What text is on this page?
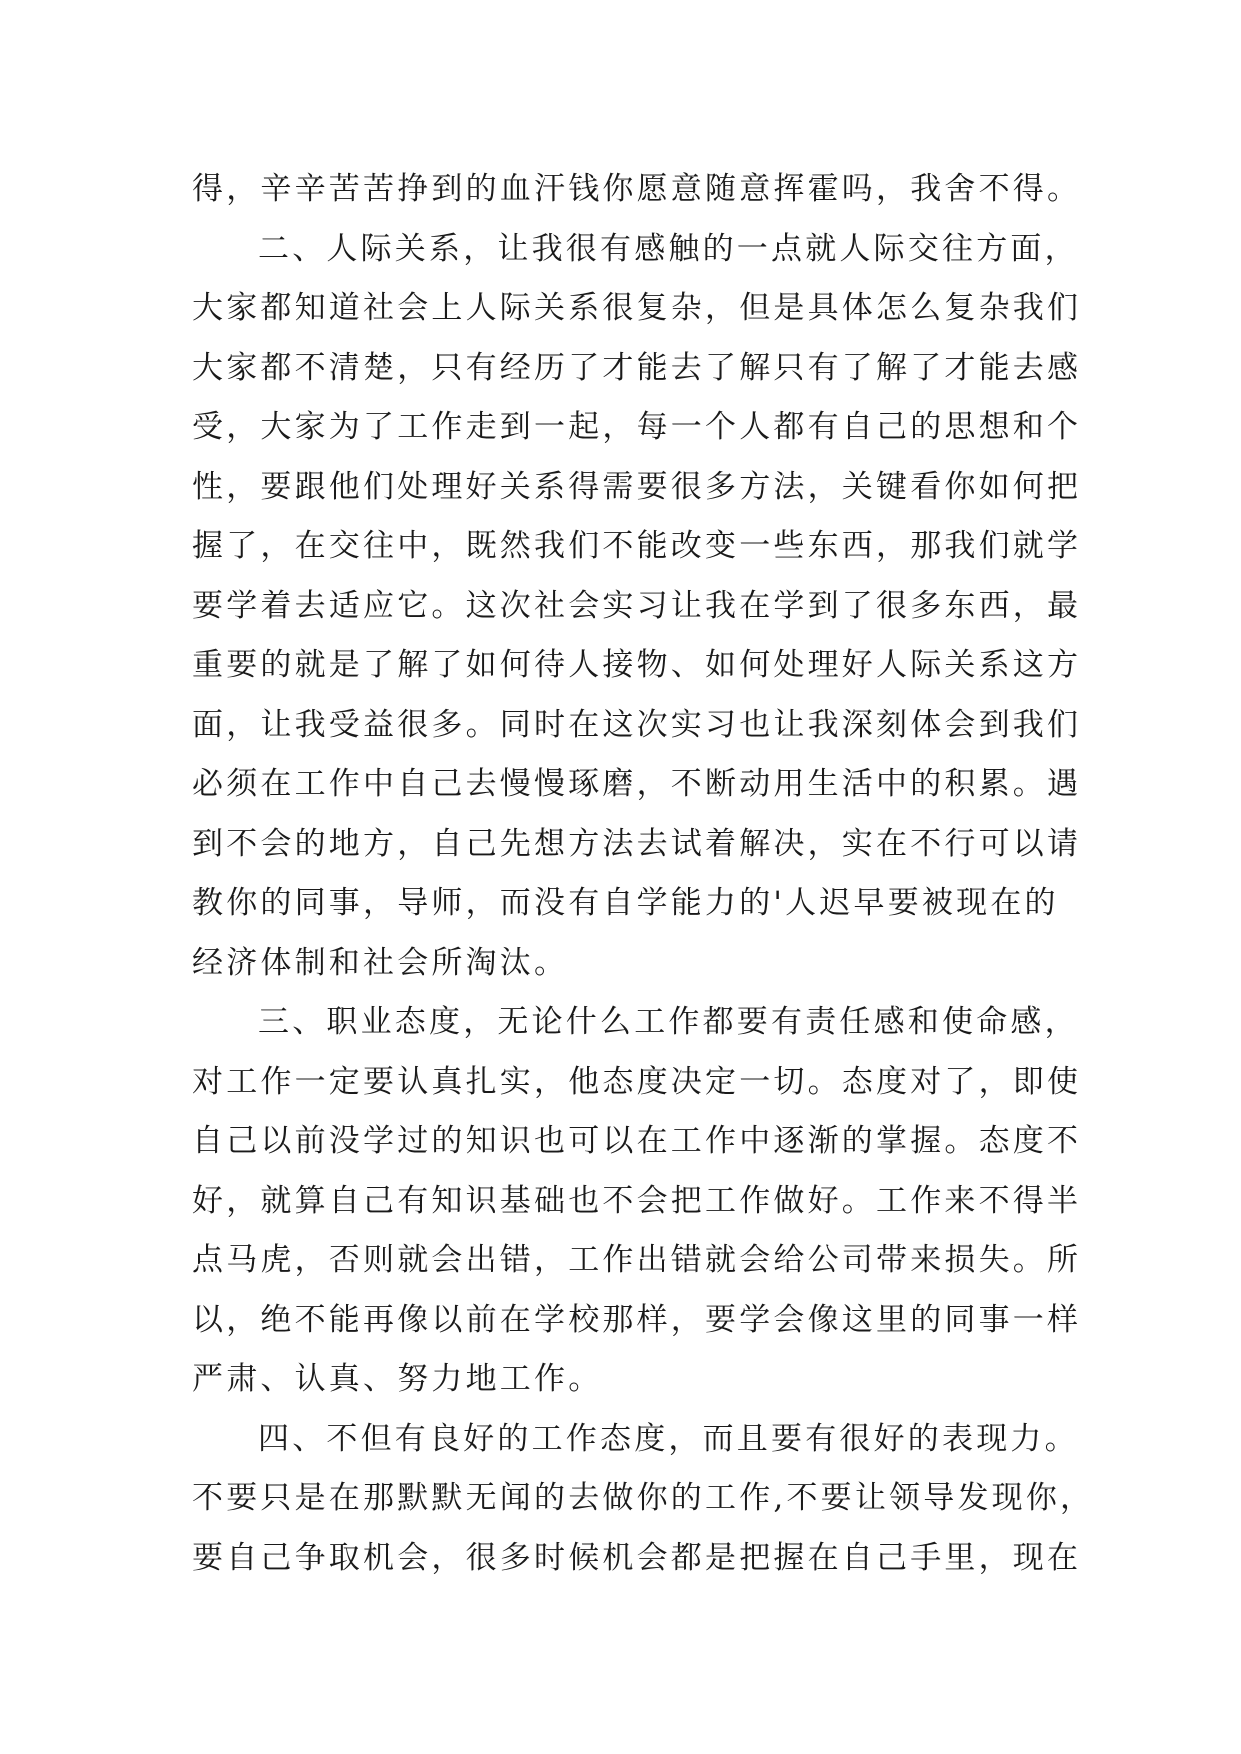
得，辛辛苦苦挣到的血汗钱你愿意随意挥霍吗，我舍不得。
二、人际关系，让我很有感触的一点就人际交往方面，
大家都知道社会上人际关系很复杂，但是具体怎么复杂我们
大家都不清楚，只有经历了才能去了解只有了解了才能去感
受，大家为了工作走到一起，每一个人都有自己的思想和个
性，要跟他们处理好关系得需要很多方法，关键看你如何把
握了，在交往中，既然我们不能改变一些东西，那我们就学
要学着去适应它。这次社会实习让我在学到了很多东西，最
重要的就是了解了如何待人接物、如何处理好人际关系这方
面，让我受益很多。同时在这次实习也让我深刻体会到我们
必须在工作中自己去慢慢琢磨，不断动用生活中的积累。遇
到不会的地方，自己先想方法去试着解决，实在不行可以请
教你的同事，导师，而没有自学能力的'人迟早要被现在的
经济体制和社会所淘汰。
三、职业态度，无论什么工作都要有责任感和使命感，
对工作一定要认真扎实，他态度决定一切。态度对了，即使
自己以前没学过的知识也可以在工作中逐渐的掌握。态度不
好，就算自己有知识基础也不会把工作做好。工作来不得半
点马虎，否则就会出错，工作出错就会给公司带来损失。所
以，绝不能再像以前在学校那样，要学会像这里的同事一样
严肃、认真、努力地工作。
四、不但有良好的工作态度，而且要有很好的表现力。
不要只是在那默默无闻的去做你的工作,不要让领导发现你，
要自己争取机会，很多时候机会都是把握在自己手里，现在
